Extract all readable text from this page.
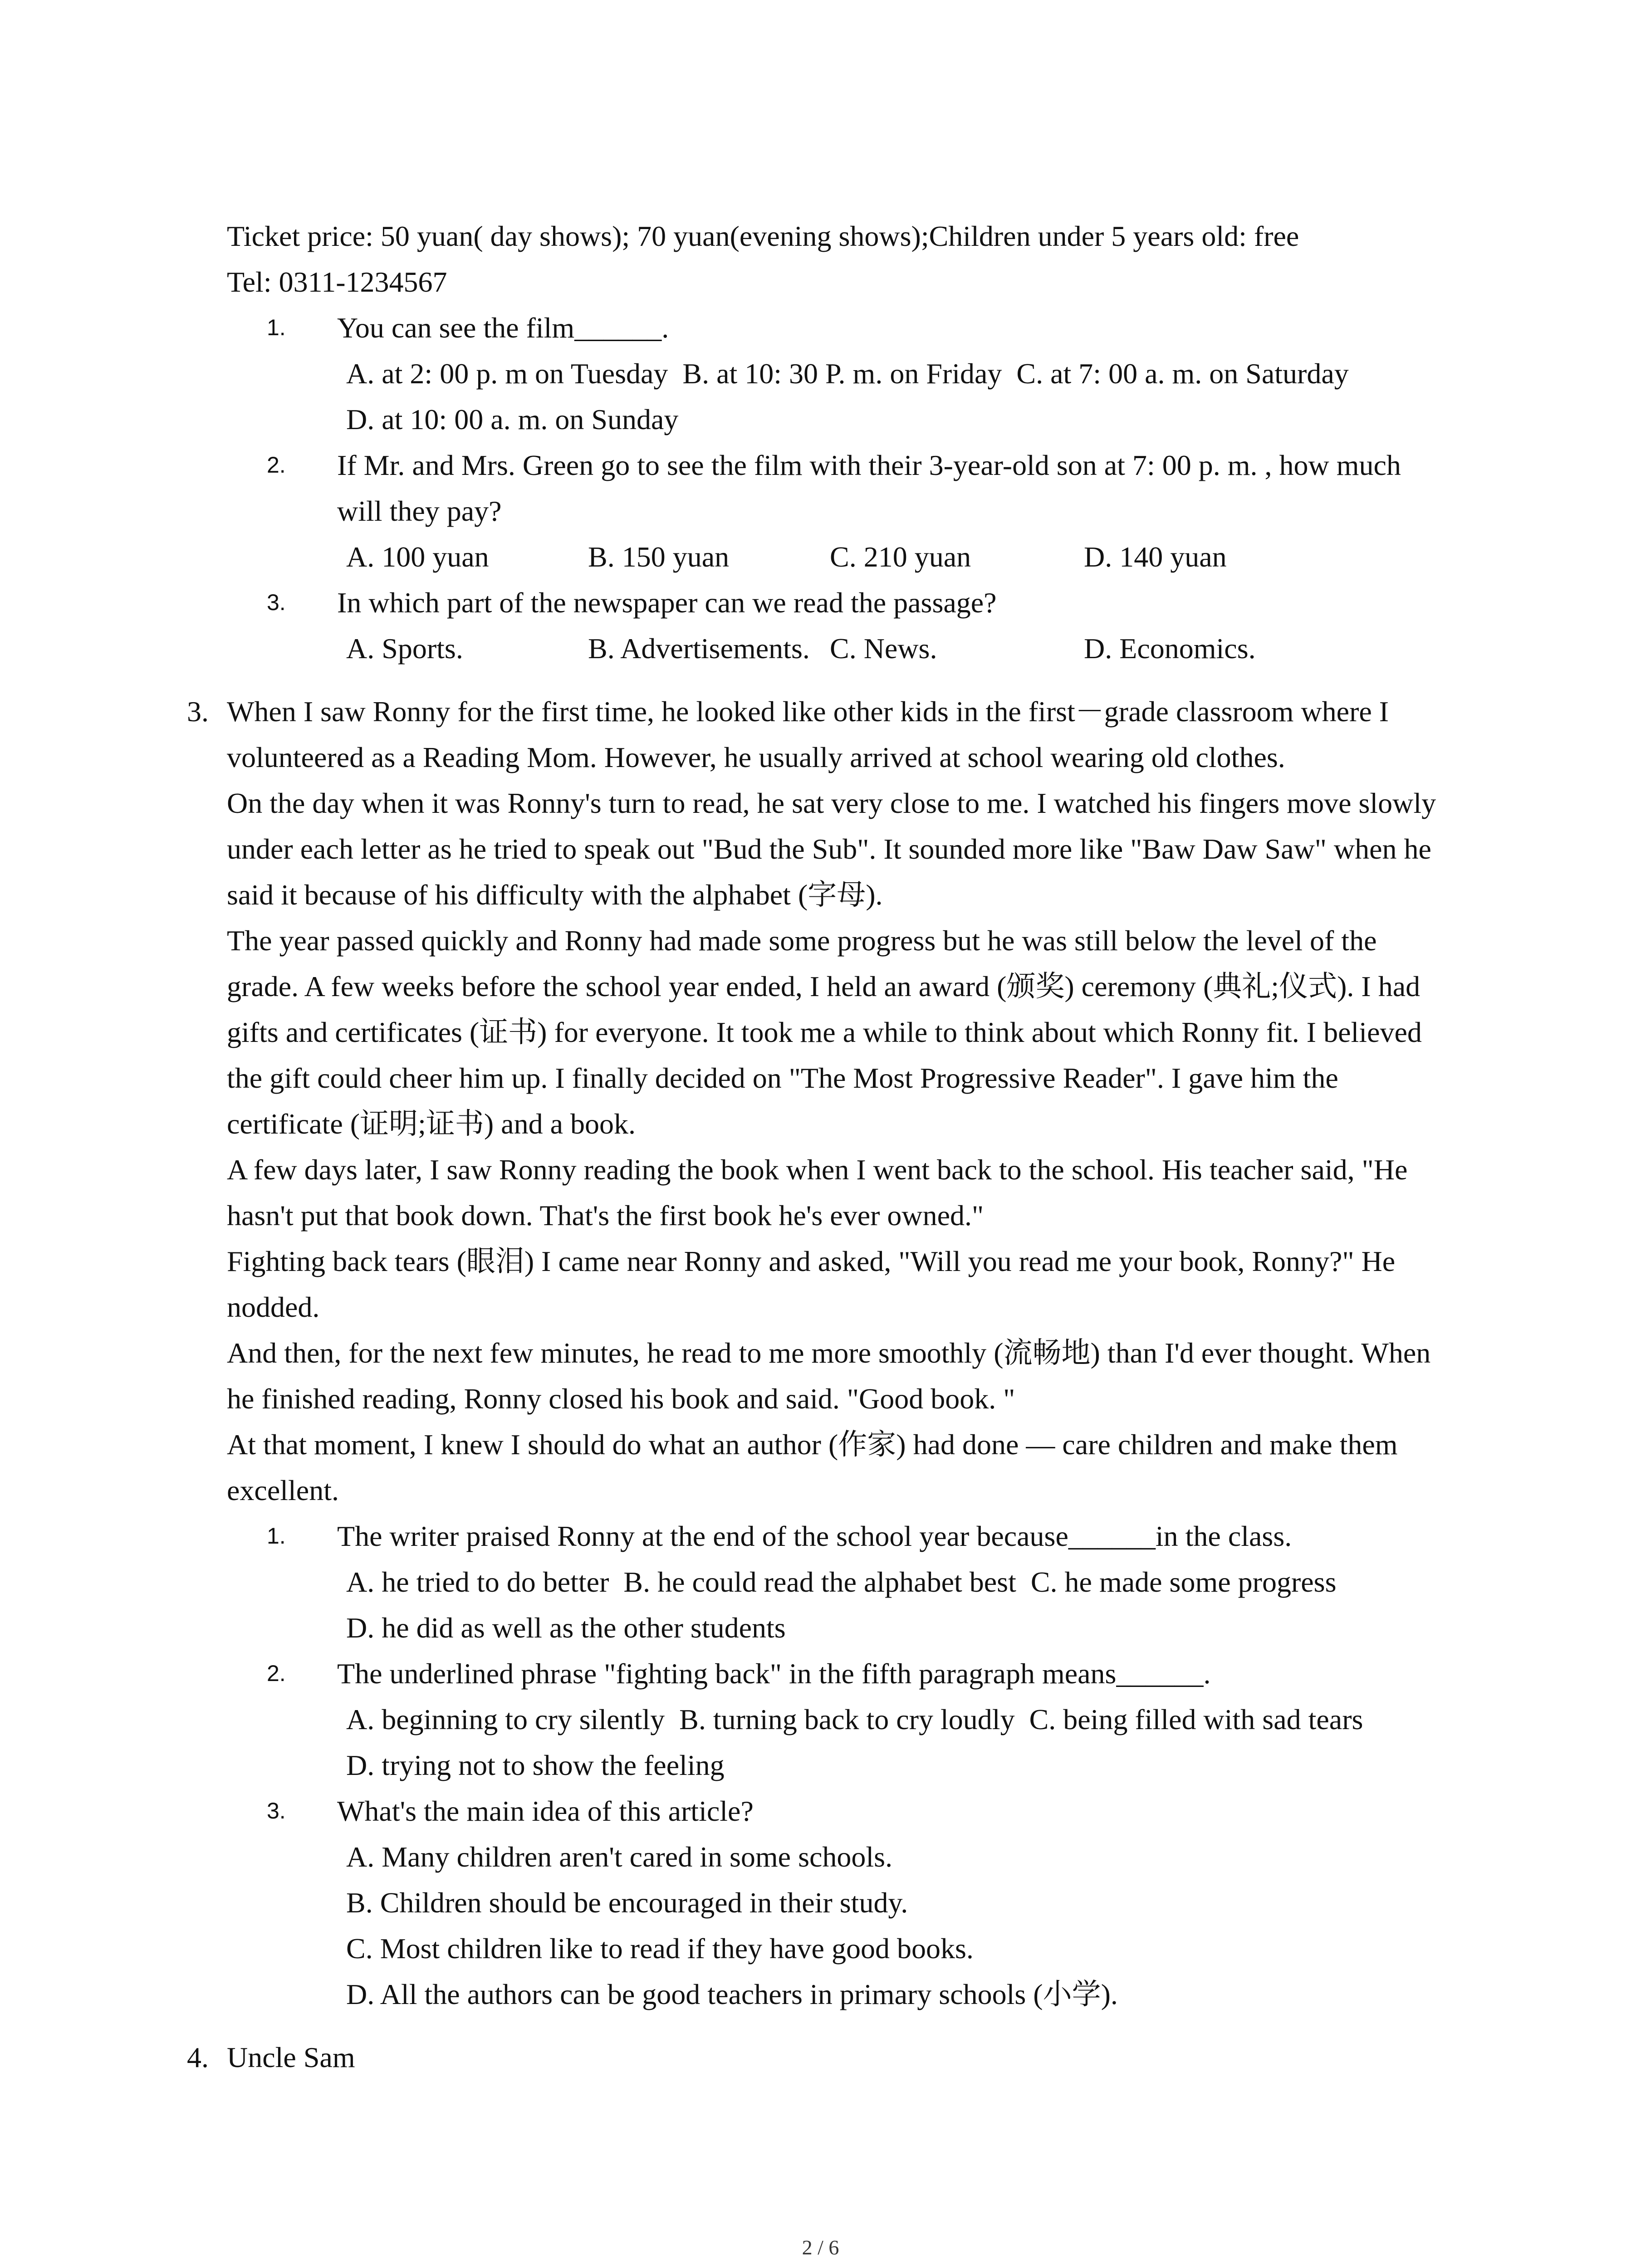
Ticket price: 50 yuan( day shows); 70 yuan(evening shows);Children under 5 years old: free

Tel: 0311-1234567

1.	You can see the film______.
A. at 2: 00 p. m on Tuesday B. at 10: 30 P. m. on Friday C. at 7: 00 a. m. on Saturday
D. at 10: 00 a. m. on Sunday
2.	If Mr. and Mrs. Green go to see the film with their 3-year-old son at 7: 00 p. m. , how much will they pay?
A. 100 yuan	B. 150 yuan	C. 210 yuan	D. 140 yuan
3.	In which part of the newspaper can we read the passage?
A. Sports.	B. Advertisements. C. News.	D. Economics.
3. When I saw Ronny for the first time, he looked like other kids in the first－grade classroom where I volunteered as a Reading Mom. However, he usually arrived at school wearing old clothes.

On the day when it was Ronny's turn to read, he sat very close to me. I watched his fingers move slowly under each letter as he tried to speak out "Bud the Sub". It sounded more like "Baw Daw Saw" when he said it because of his difficulty with the alphabet (字母).

The year passed quickly and Ronny had made some progress but he was still below the level of the grade. A few weeks before the school year ended, I held an award (颁奖) ceremony (典礼;仪式). I had gifts and certificates (证书) for everyone. It took me a while to think about which Ronny fit. I believed the gift could cheer him up. I finally decided on "The Most Progressive Reader". I gave him the certificate (证明;证书) and a book.

A few days later, I saw Ronny reading the book when I went back to the school. His teacher said, "He hasn't put that book down. That's the first book he's ever owned."

Fighting back tears (眼泪) I came near Ronny and asked, "Will you read me your book, Ronny?" He nodded.

And then, for the next few minutes, he read to me more smoothly (流畅地) than I'd ever thought. When he finished reading, Ronny closed his book and said. "Good book. "

At that moment, I knew I should do what an author (作家) had done — care children and make them excellent.

1.	The writer praised Ronny at the end of the school year because______in the class.
A. he tried to do better B. he could read the alphabet best C. he made some progress
D. he did as well as the other students
2.	The underlined phrase "fighting back" in the fifth paragraph means______.
A. beginning to cry silently B. turning back to cry loudly C. being filled with sad tears
D. trying not to show the feeling
3.	What's the main idea of this article?
A. Many children aren't cared in some schools.
B. Children should be encouraged in their study.
C. Most children like to read if they have good books.
D. All the authors can be good teachers in primary schools (小学).
4. Uncle Sam
2 / 6
